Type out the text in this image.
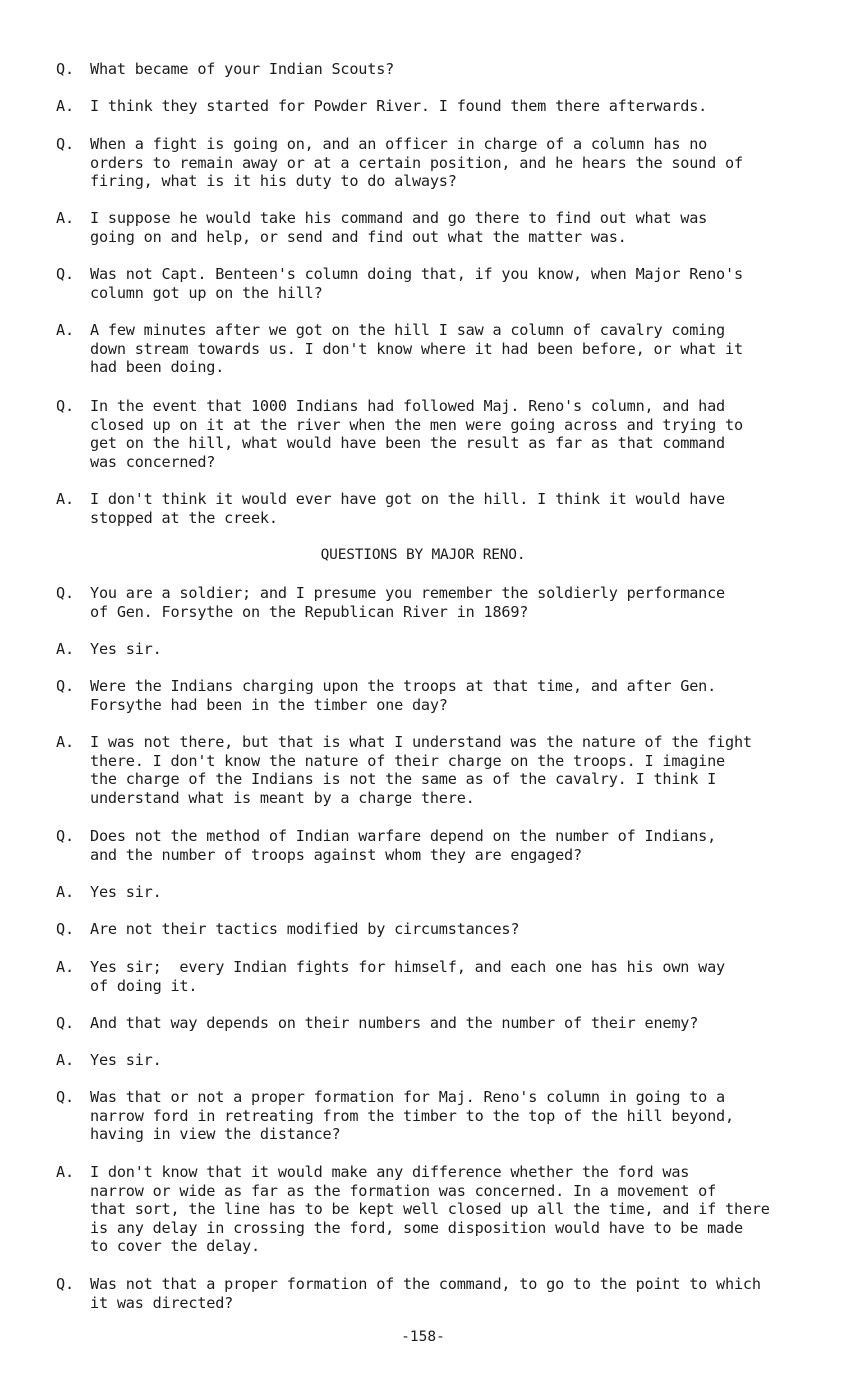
Q.

	What became of your Indian Scouts?

A.

	I think they started for Powder River. I found them there afterwards.

Q.

	When a fight is going on, and an officer in charge of a column has no
orders to remain away or at a certain position, and he hears the sound of
firing, what is it his duty to do always?

A.

	I suppose he would take his command and go there to find out what was
going on and help, or send and find out what the matter was.

Q.

	Was not Capt. Benteen's column doing that, if you know, when Major Reno's
column got up on the hill?

A.

	A few minutes after we got on the hill I saw a column of cavalry coming
down stream towards us. I don't know where it had been before, or what it
had been doing.

Q.

	In the event that 1000 Indians had followed Maj. Reno's column, and had
closed up on it at the river when the men were going across and trying to
get on the hill, what would have been the result as far as that command
was concerned?

A.

	I don't think it would ever have got on the hill. I think it would have
stopped at the creek.

QUESTIONS BY MAJOR RENO.

Q.

	You are a soldier; and I presume you remember the soldierly performance
of Gen. Forsythe on the Republican River in 1869?

A.

	Yes sir.

Q.

	Were the Indians charging upon the troops at that time, and after Gen.
Forsythe had been in the timber one day?

A.

	I was not there, but that is what I understand was the nature of the fight
there. I don't know the nature of their charge on the troops. I imagine
the charge of the Indians is not the same as of the cavalry. I think I
understand what is meant by a charge there.

Q.

	Does not the method of Indian warfare depend on the number of Indians,
and the number of troops against whom they are engaged?

A.

	Yes sir.

Q.

	Are not their tactics modified by circumstances?

A.

	Yes sir;  every Indian fights for himself, and each one has his own way
of doing it.

Q.

	And that way depends on their numbers and the number of their enemy?

A.

	Yes sir.

Q.

	Was that or not a proper formation for Maj. Reno's column in going to a
narrow ford in retreating from the timber to the top of the hill beyond,
having in view the distance?

A.

	I don't know that it would make any difference whether the ford was
narrow or wide as far as the formation was concerned. In a movement of
that sort, the line has to be kept well closed up all the time, and if there
is any delay in crossing the ford, some disposition would have to be made
to cover the delay.

Q.

	Was not that a proper formation of the command, to go to the point to which
it was directed?

-158-
